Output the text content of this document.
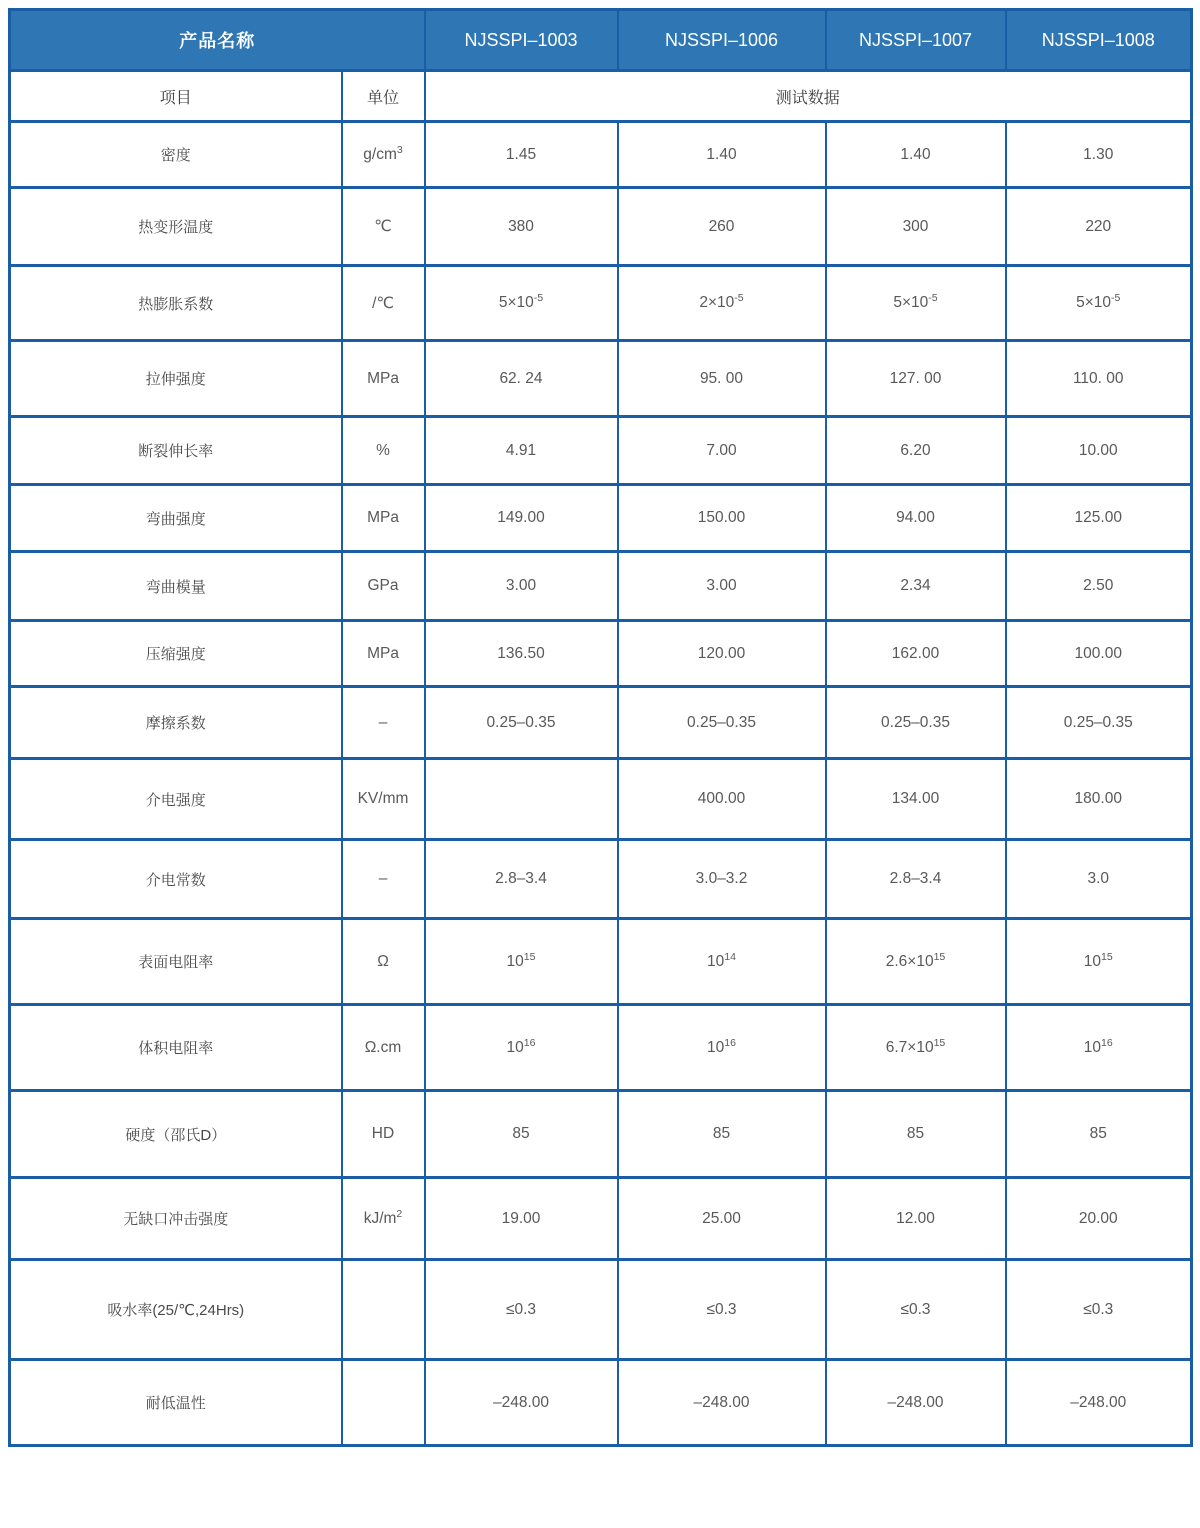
产品名称		NJSSPI–1003	NJSSPI–1006	NJSSPI–1007	NJSSPI–1008
项目	单位	测试数据			
密度	$g/cm^3$	1.45	1.40	1.40	1.30
热变形温度	℃	380	260	300	220
热膨胀系数	/℃	$5\times 10^{-5}$	$2\times 10^{-5}$	$5\times 10^{-5}$	$5\times 10^{-5}$
拉伸强度	MPa	62. 24	95. 00	127. 00	110. 00
断裂伸长率	%	4.91	7.00	6.20	10.00
弯曲强度	MPa	149.00	150.00	94.00	125.00
弯曲模量	GPa	3.00	3.00	2.34	2.50
压缩强度	MPa	136.50	120.00	162.00	100.00
摩擦系数	–	0.25–0.35	0.25–0.35	0.25–0.35	0.25–0.35
介电强度	KV/mm		400.00	134.00	180.00
介电常数	–	2.8–3.4	3.0–3.2	2.8–3.4	3.0
表面电阻率	Ω	$10^{15}$	$10^{14}$	$2.6\times 10^{15}$	$10^{15}$
体积电阻率	Ω.cm	$10^{16}$	$10^{16}$	$6.7\times 10^{15}$	$10^{16}$
硬度（邵氏D）	HD	85	85	85	85
无缺口冲击强度	$kJ/m^2$	19.00	25.00	12.00	20.00
吸水率(25/℃,24Hrs)		≤0.3	≤0.3	≤0.3	≤0.3
耐低温性		–248.00	–248.00	–248.00	–248.00
